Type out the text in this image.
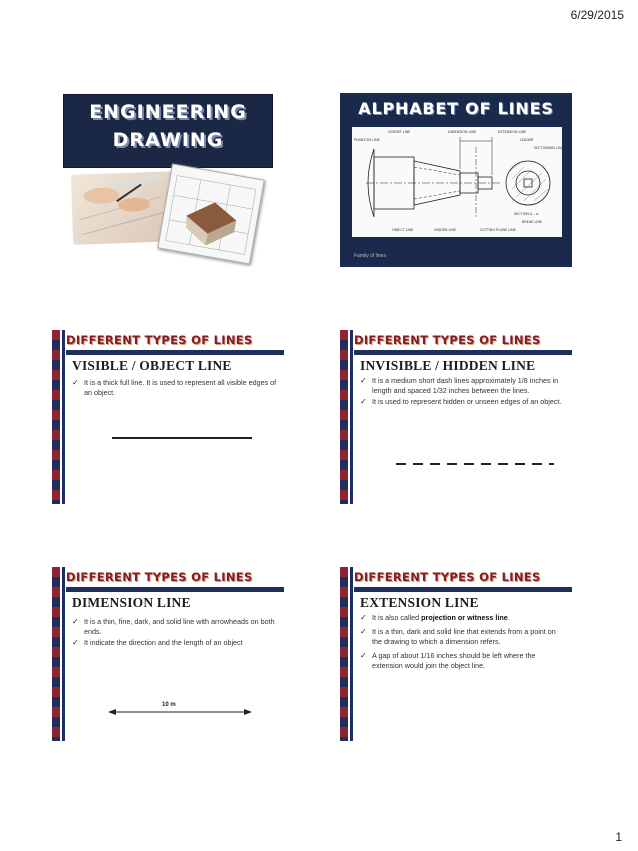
6/29/2015
ENGINEERING
DRAWING
ALPHABET OF LINES
CENTER LINE
PHANTOM LINE
DIMENSION LINE	EXTENSION LINE
LEADER
SECTIONING LINE
SECTION A – A
BREAK LINE
OBJECT LINE	HIDDEN LINE	CUTTING PLANE LINE
Family of lines
DIFFERENT TYPES OF LINES
VISIBLE / OBJECT LINE
✓ It is a thick full line. It is used to represent all visible edges of an object.
DIFFERENT TYPES OF LINES
INVISIBLE / HIDDEN LINE
✓ It is a medium short dash lines approximately 1/8 inches in length and spaced 1/32 inches between the lines.
✓ It is used to represent hidden or unseen edges of an object.
DIFFERENT TYPES OF LINES
DIMENSION LINE
✓ It is a thin, fine, dark, and solid line with arrowheads on both ends.
✓ It indicate the direction and the length of an object
10 m
DIFFERENT TYPES OF LINES
EXTENSION LINE
✓ It is also called projection or witness line.
✓ It is a thin, dark and solid line that extends from a point on the drawing to which a dimension refers.
✓ A gap of about 1/16 inches should be left where the extension would join the object line.
1
